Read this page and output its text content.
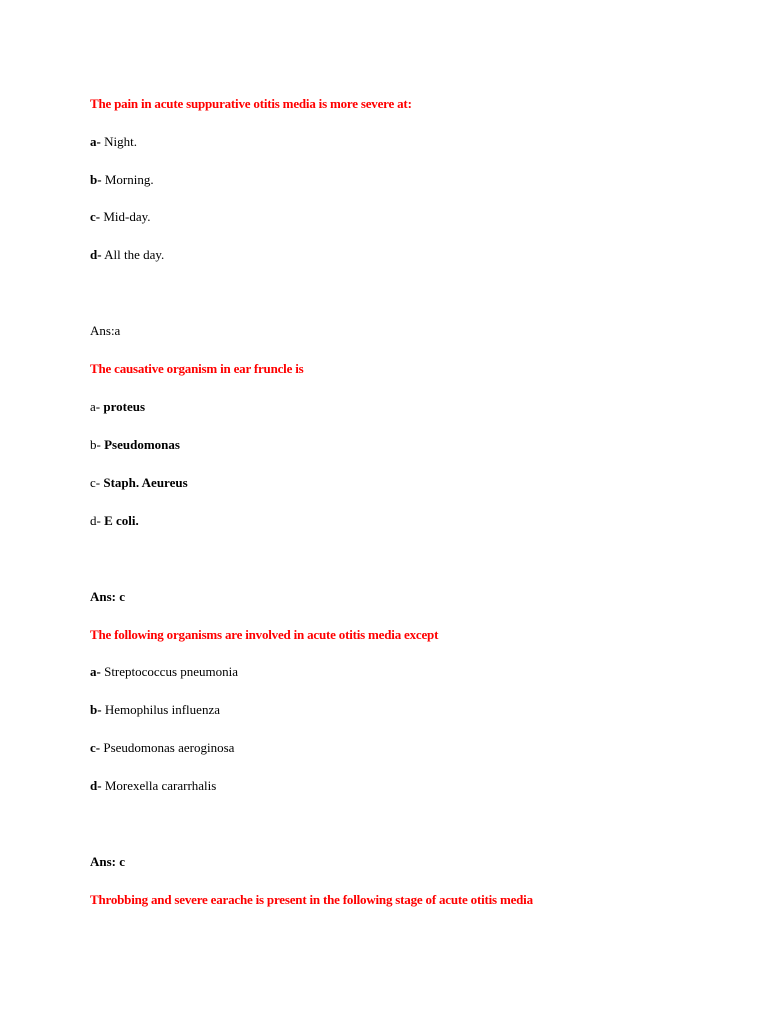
The pain in acute suppurative otitis media is more severe at:
a- Night.
b- Morning.
c- Mid-day.
d- All the day.
Ans:a
The causative organism in ear fruncle is
a- proteus
b- Pseudomonas
c- Staph. Aeureus
d- E coli.
Ans: c
The following organisms are involved in acute otitis media except
a- Streptococcus pneumonia
b- Hemophilus influenza
c- Pseudomonas aeroginosa
d- Morexella cararrhalis
Ans: c
Throbbing and severe earache is present in the following stage of acute otitis media
